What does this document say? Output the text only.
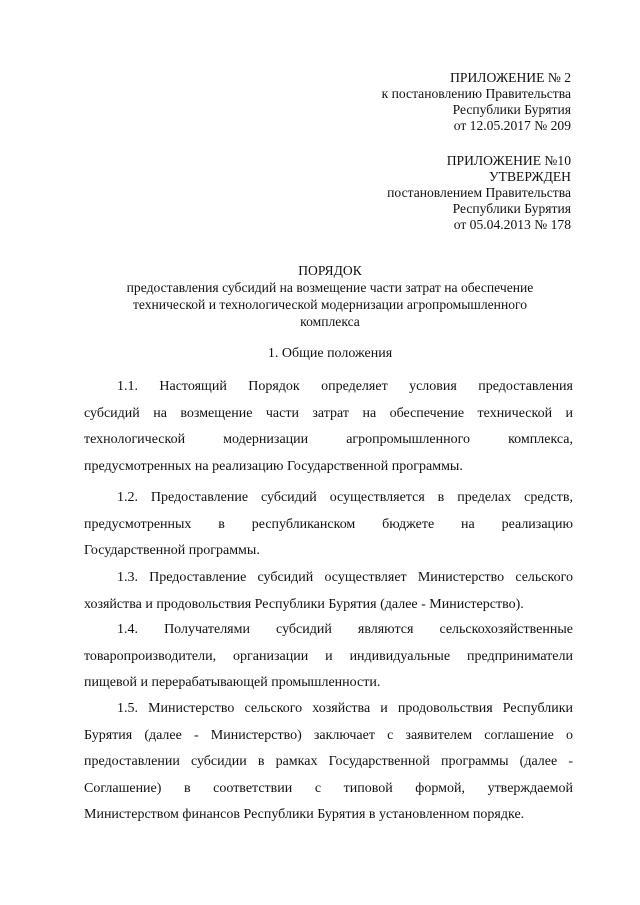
ПРИЛОЖЕНИЕ № 2
к постановлению Правительства
Республики Бурятия
от 12.05.2017 № 209
ПРИЛОЖЕНИЕ №10
УТВЕРЖДЕН
постановлением Правительства
Республики Бурятия
от 05.04.2013 № 178
ПОРЯДОК
предоставления субсидий на возмещение части затрат на обеспечение
технической и технологической модернизации агропромышленного
комплекса
1. Общие положения
1.1. Настоящий Порядок определяет условия предоставления
субсидий на возмещение части затрат на обеспечение технической и
технологической модернизации агропромышленного комплекса,
предусмотренных на реализацию Государственной программы.
1.2. Предоставление субсидий осуществляется в пределах средств,
предусмотренных в республиканском бюджете на реализацию
Государственной программы.
1.3. Предоставление субсидий осуществляет Министерство сельского
хозяйства и продовольствия Республики Бурятия (далее - Министерство).
1.4. Получателями субсидий являются сельскохозяйственные
товаропроизводители, организации и индивидуальные предприниматели
пищевой и перерабатывающей промышленности.
1.5. Министерство сельского хозяйства и продовольствия Республики
Бурятия (далее - Министерство) заключает с заявителем соглашение о
предоставлении субсидии в рамках Государственной программы (далее -
Соглашение) в соответствии с типовой формой, утверждаемой
Министерством финансов Республики Бурятия в установленном порядке.
